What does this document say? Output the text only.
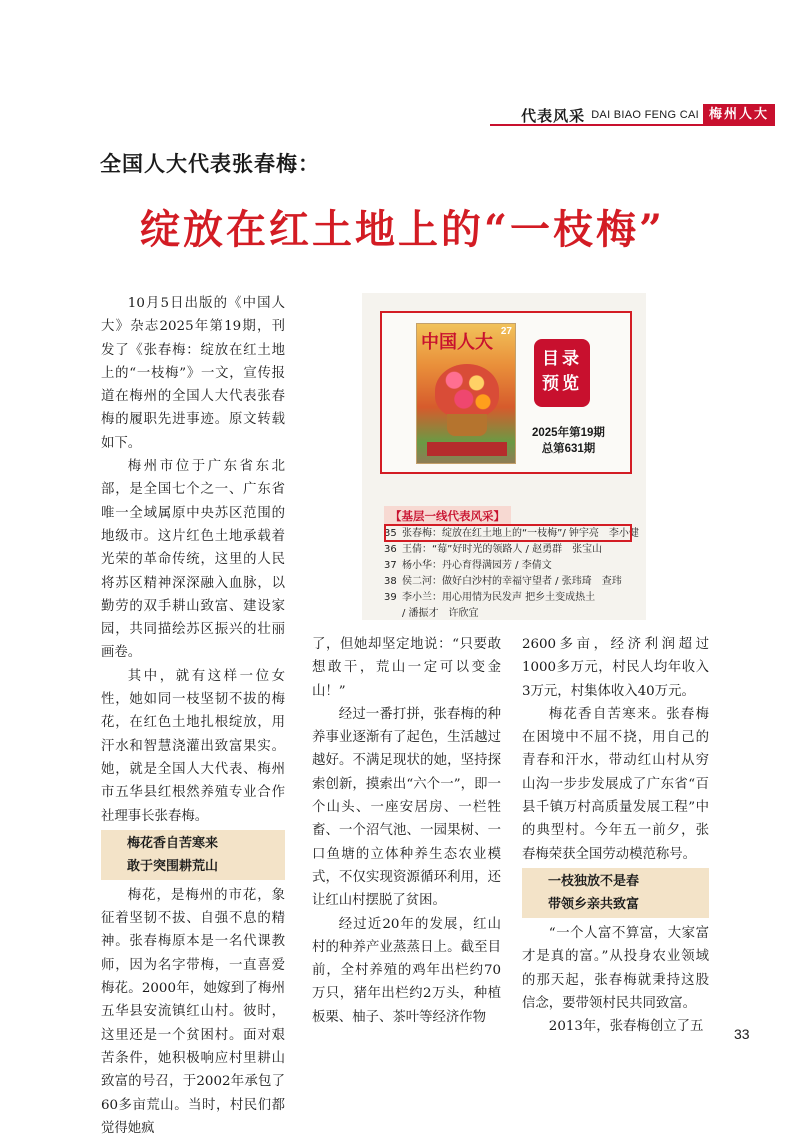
代表风采 DAI BIAO FENG CAI 梅州人大
全国人大代表张春梅：
绽放在红土地上的“一枝梅”

10月5日出版的《中国人大》杂志2025年第19期，刊发了《张春梅：绽放在红土地上的“一枝梅”》一文，宣传报道在梅州的全国人大代表张春梅的履职先进事迹。原文转载如下。

梅州市位于广东省东北部，是全国七个之一、广东省唯一全域属原中央苏区范围的地级市。这片红色土地承载着光荣的革命传统，这里的人民将苏区精神深深融入血脉，以勤劳的双手耕山致富、建设家园，共同描绘苏区振兴的壮丽画卷。

其中，就有这样一位女性，她如同一枝坚韧不拔的梅花，在红色土地扎根绽放，用汗水和智慧浇灌出致富果实。她，就是全国人大代表、梅州市五华县红根然养殖专业合作社理事长张春梅。

梅花香自苦寒来
敢于突围耕荒山

梅花，是梅州的市花，象征着坚韧不拔、自强不息的精神。张春梅原本是一名代课教师，因为名字带梅，一直喜爱梅花。2000年，她嫁到了梅州五华县安流镇红山村。彼时，这里还是一个贫困村。面对艰苦条件，她积极响应村里耕山致富的号召，于2002年承包了60多亩荒山。当时，村民们都觉得她疯

中国人大
27
目录预览
2025年第19期
总第631期
【基层一线代表风采】
35 张春梅：绽放在红土地上的“一枝梅”/ 钟宇亮　李小健
36 王倩：“莓”好时光的领路人 / 赵勇群　张宝山
37 杨小华：丹心育得满园芳 / 李倩文
38 侯二河：做好白沙村的幸福守望者 / 张玮琦　查玮
39 李小兰：用心用情为民发声 把乡土变成热土
/ 潘振才　许欣宜

了，但她却坚定地说：“只要敢想敢干，荒山一定可以变金山！”

经过一番打拼，张春梅的种养事业逐渐有了起色，生活越过越好。不满足现状的她，坚持探索创新，摸索出“六个一”，即一个山头、一座安居房、一栏牲畜、一个沼气池、一园果树、一口鱼塘的立体种养生态农业模式，不仅实现资源循环利用，还让红山村摆脱了贫困。

经过近20年的发展，红山村的种养产业蒸蒸日上。截至目前，全村养殖的鸡年出栏约70万只，猪年出栏约2万头，种植板栗、柚子、茶叶等经济作物

2600多亩，经济利润超过1000多万元，村民人均年收入3万元，村集体收入40万元。

梅花香自苦寒来。张春梅在困境中不屈不挠，用自己的青春和汗水，带动红山村从穷山沟一步步发展成了广东省“百县千镇万村高质量发展工程”中的典型村。今年五一前夕，张春梅荣获全国劳动模范称号。

一枝独放不是春
带领乡亲共致富

“一个人富不算富，大家富才是真的富。”从投身农业领域的那天起，张春梅就秉持这股信念，要带领村民共同致富。

2013年，张春梅创立了五	33
